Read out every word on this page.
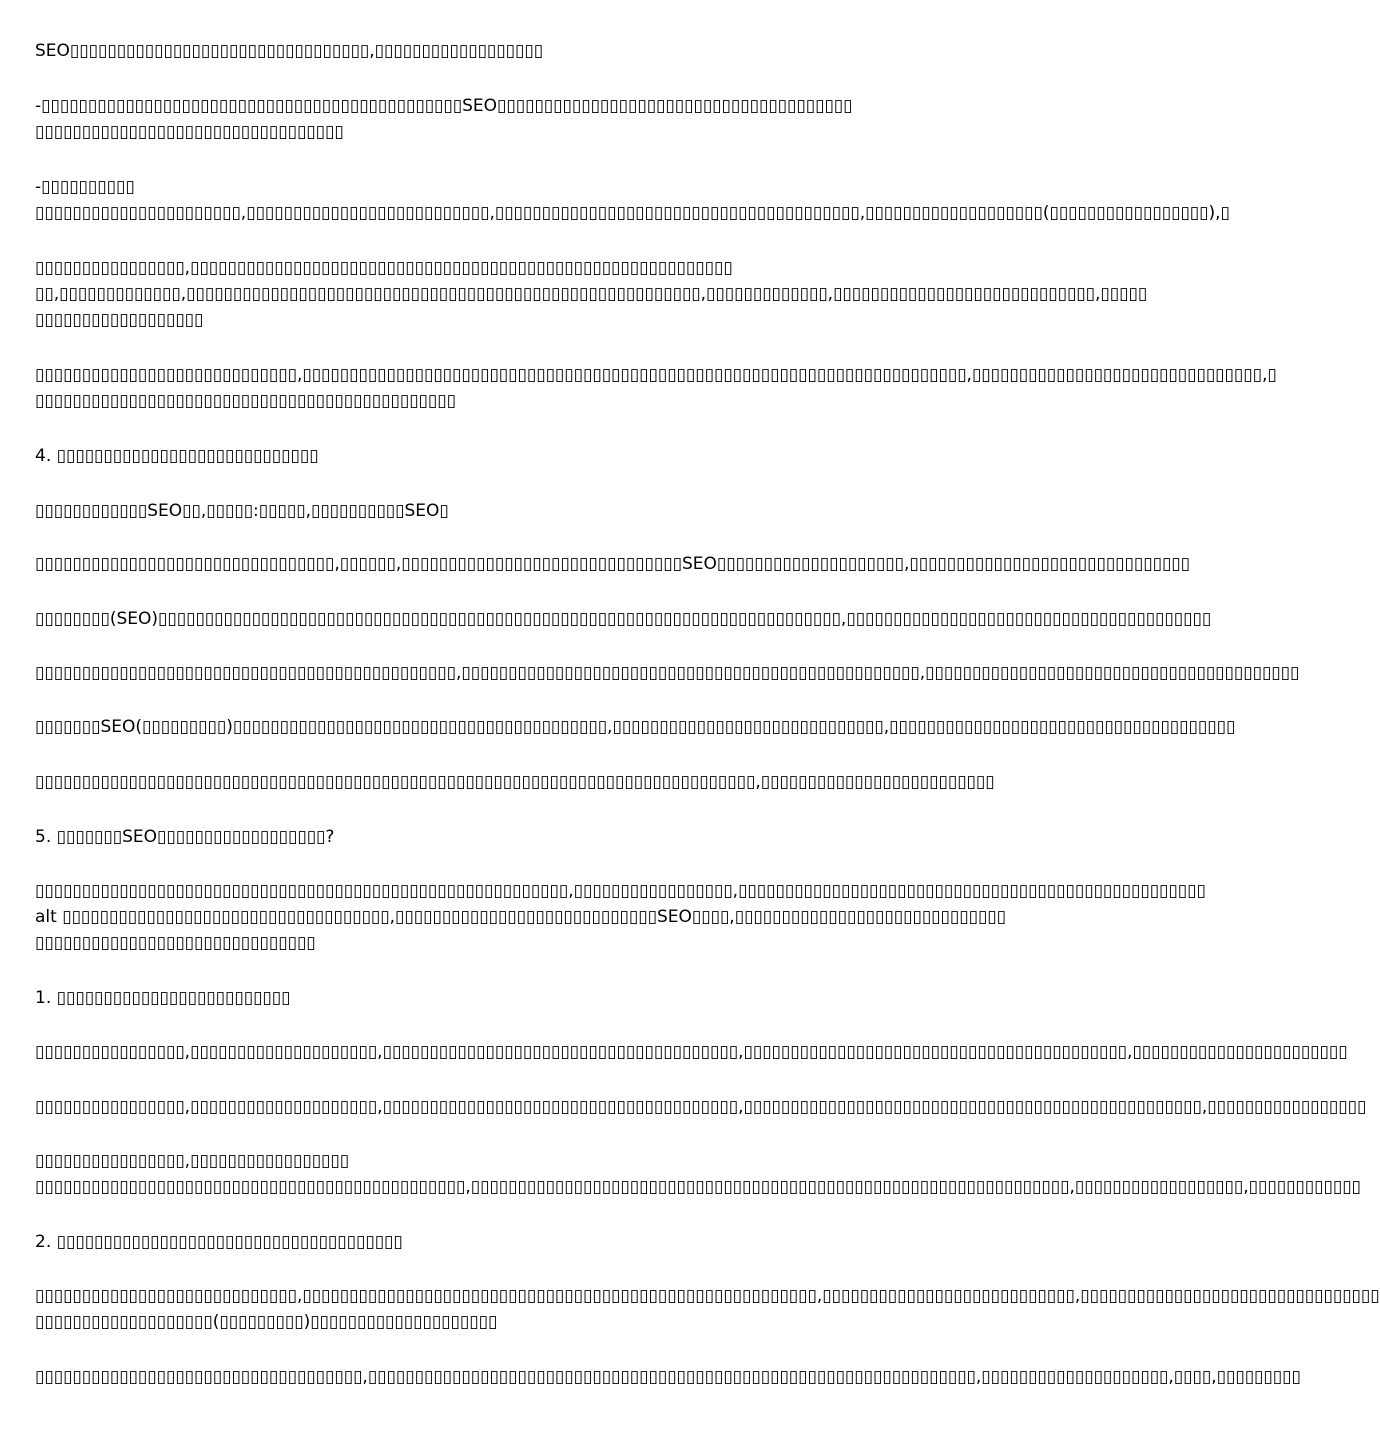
SEO▯▯▯▯▯▯▯▯▯▯▯▯▯▯▯▯▯▯▯▯▯▯▯▯▯▯▯▯▯▯▯▯,▯▯▯▯▯▯▯▯▯▯▯▯▯▯▯▯▯▯
-▯▯▯▯▯▯▯▯▯▯▯▯▯▯▯▯▯▯▯▯▯▯▯▯▯▯▯▯▯▯▯▯▯▯▯▯▯▯▯▯▯▯▯▯▯SEO▯▯▯▯▯▯▯▯▯▯▯▯▯▯▯▯▯▯▯▯▯▯▯▯▯▯▯▯▯▯▯▯▯▯▯▯▯▯
▯▯▯▯▯▯▯▯▯▯▯▯▯▯▯▯▯▯▯▯▯▯▯▯▯▯▯▯▯▯▯▯▯
-▯▯▯▯▯▯▯▯▯▯
▯▯▯▯▯▯▯▯▯▯▯▯▯▯▯▯▯▯▯▯▯▯,▯▯▯▯▯▯▯▯▯▯▯▯▯▯▯▯▯▯▯▯▯▯▯▯▯▯,▯▯▯▯▯▯▯▯▯▯▯▯▯▯▯▯▯▯▯▯▯▯▯▯▯▯▯▯▯▯▯▯▯▯▯▯▯▯▯,▯▯▯▯▯▯▯▯▯▯▯▯▯▯▯▯▯▯▯(▯▯▯▯▯▯▯▯▯▯▯▯▯▯▯▯▯),▯
▯▯▯▯▯▯▯▯▯▯▯▯▯▯▯▯,▯▯▯▯▯▯▯▯▯▯▯▯▯▯▯▯▯▯▯▯▯▯▯▯▯▯▯▯▯▯▯▯▯▯▯▯▯▯▯▯▯▯▯▯▯▯▯▯▯▯▯▯▯▯▯▯▯▯
▯▯,▯▯▯▯▯▯▯▯▯▯▯▯▯,▯▯▯▯▯▯▯▯▯▯▯▯▯▯▯▯▯▯▯▯▯▯▯▯▯▯▯▯▯▯▯▯▯▯▯▯▯▯▯▯▯▯▯▯▯▯▯▯▯▯▯▯▯▯▯,▯▯▯▯▯▯▯▯▯▯▯▯▯,▯▯▯▯▯▯▯▯▯▯▯▯▯▯▯▯▯▯▯▯▯▯▯▯▯▯▯▯,▯▯▯▯▯
▯▯▯▯▯▯▯▯▯▯▯▯▯▯▯▯▯▯
▯▯▯▯▯▯▯▯▯▯▯▯▯▯▯▯▯▯▯▯▯▯▯▯▯▯▯▯,▯▯▯▯▯▯▯▯▯▯▯▯▯▯▯▯▯▯▯▯▯▯▯▯▯▯▯▯▯▯▯▯▯▯▯▯▯▯▯▯▯▯▯▯▯▯▯▯▯▯▯▯▯▯▯▯▯▯▯▯▯▯▯▯▯▯▯▯▯▯▯,▯▯▯▯▯▯▯▯▯▯▯▯▯▯▯▯▯▯▯▯▯▯▯▯▯▯▯▯▯▯▯,▯
▯▯▯▯▯▯▯▯▯▯▯▯▯▯▯▯▯▯▯▯▯▯▯▯▯▯▯▯▯▯▯▯▯▯▯▯▯▯▯▯▯▯▯▯▯
4. ▯▯▯▯▯▯▯▯▯▯▯▯▯▯▯▯▯▯▯▯▯▯▯▯▯▯▯▯
▯▯▯▯▯▯▯▯▯▯▯▯SEO▯▯,▯▯▯▯▯:▯▯▯▯▯,▯▯▯▯▯▯▯▯▯▯SEO▯
▯▯▯▯▯▯▯▯▯▯▯▯▯▯▯▯▯▯▯▯▯▯▯▯▯▯▯▯▯▯▯▯,▯▯▯▯▯▯,▯▯▯▯▯▯▯▯▯▯▯▯▯▯▯▯▯▯▯▯▯▯▯▯▯▯▯▯▯▯SEO▯▯▯▯▯▯▯▯▯▯▯▯▯▯▯▯▯▯▯▯,▯▯▯▯▯▯▯▯▯▯▯▯▯▯▯▯▯▯▯▯▯▯▯▯▯▯▯▯▯▯
▯▯▯▯▯▯▯▯(SEO)▯▯▯▯▯▯▯▯▯▯▯▯▯▯▯▯▯▯▯▯▯▯▯▯▯▯▯▯▯▯▯▯▯▯▯▯▯▯▯▯▯▯▯▯▯▯▯▯▯▯▯▯▯▯▯▯▯▯▯▯▯▯▯▯▯▯▯▯▯▯▯▯▯,▯▯▯▯▯▯▯▯▯▯▯▯▯▯▯▯▯▯▯▯▯▯▯▯▯▯▯▯▯▯▯▯▯▯▯▯▯▯▯
▯▯▯▯▯▯▯▯▯▯▯▯▯▯▯▯▯▯▯▯▯▯▯▯▯▯▯▯▯▯▯▯▯▯▯▯▯▯▯▯▯▯▯▯▯,▯▯▯▯▯▯▯▯▯▯▯▯▯▯▯▯▯▯▯▯▯▯▯▯▯▯▯▯▯▯▯▯▯▯▯▯▯▯▯▯▯▯▯▯▯▯▯▯▯,▯▯▯▯▯▯▯▯▯▯▯▯▯▯▯▯▯▯▯▯▯▯▯▯▯▯▯▯▯▯▯▯▯▯▯▯▯▯▯▯
▯▯▯▯▯▯▯SEO(▯▯▯▯▯▯▯▯▯)▯▯▯▯▯▯▯▯▯▯▯▯▯▯▯▯▯▯▯▯▯▯▯▯▯▯▯▯▯▯▯▯▯▯▯▯▯▯▯▯,▯▯▯▯▯▯▯▯▯▯▯▯▯▯▯▯▯▯▯▯▯▯▯▯▯▯▯▯▯,▯▯▯▯▯▯▯▯▯▯▯▯▯▯▯▯▯▯▯▯▯▯▯▯▯▯▯▯▯▯▯▯▯▯▯▯▯
▯▯▯▯▯▯▯▯▯▯▯▯▯▯▯▯▯▯▯▯▯▯▯▯▯▯▯▯▯▯▯▯▯▯▯▯▯▯▯▯▯▯▯▯▯▯▯▯▯▯▯▯▯▯▯▯▯▯▯▯▯▯▯▯▯▯▯▯▯▯▯▯▯▯▯▯▯,▯▯▯▯▯▯▯▯▯▯▯▯▯▯▯▯▯▯▯▯▯▯▯▯▯
5. ▯▯▯▯▯▯▯SEO▯▯▯▯▯▯▯▯▯▯▯▯▯▯▯▯▯▯?
▯▯▯▯▯▯▯▯▯▯▯▯▯▯▯▯▯▯▯▯▯▯▯▯▯▯▯▯▯▯▯▯▯▯▯▯▯▯▯▯▯▯▯▯▯▯▯▯▯▯▯▯▯▯▯▯▯,▯▯▯▯▯▯▯▯▯▯▯▯▯▯▯▯▯,▯▯▯▯▯▯▯▯▯▯▯▯▯▯▯▯▯▯▯▯▯▯▯▯▯▯▯▯▯▯▯▯▯▯▯▯▯▯▯▯▯▯▯▯▯▯▯▯▯▯
alt ▯▯▯▯▯▯▯▯▯▯▯▯▯▯▯▯▯▯▯▯▯▯▯▯▯▯▯▯▯▯▯▯▯▯▯,▯▯▯▯▯▯▯▯▯▯▯▯▯▯▯▯▯▯▯▯▯▯▯▯▯▯▯▯SEO▯▯▯▯,▯▯▯▯▯▯▯▯▯▯▯▯▯▯▯▯▯▯▯▯▯▯▯▯▯▯▯▯▯
▯▯▯▯▯▯▯▯▯▯▯▯▯▯▯▯▯▯▯▯▯▯▯▯▯▯▯▯▯▯
1. ▯▯▯▯▯▯▯▯▯▯▯▯▯▯▯▯▯▯▯▯▯▯▯▯▯
▯▯▯▯▯▯▯▯▯▯▯▯▯▯▯▯,▯▯▯▯▯▯▯▯▯▯▯▯▯▯▯▯▯▯▯▯,▯▯▯▯▯▯▯▯▯▯▯▯▯▯▯▯▯▯▯▯▯▯▯▯▯▯▯▯▯▯▯▯▯▯▯▯▯▯,▯▯▯▯▯▯▯▯▯▯▯▯▯▯▯▯▯▯▯▯▯▯▯▯▯▯▯▯▯▯▯▯▯▯▯▯▯▯▯▯▯,▯▯▯▯▯▯▯▯▯▯▯▯▯▯▯▯▯▯▯▯▯▯▯
▯▯▯▯▯▯▯▯▯▯▯▯▯▯▯▯,▯▯▯▯▯▯▯▯▯▯▯▯▯▯▯▯▯▯▯▯,▯▯▯▯▯▯▯▯▯▯▯▯▯▯▯▯▯▯▯▯▯▯▯▯▯▯▯▯▯▯▯▯▯▯▯▯▯▯,▯▯▯▯▯▯▯▯▯▯▯▯▯▯▯▯▯▯▯▯▯▯▯▯▯▯▯▯▯▯▯▯▯▯▯▯▯▯▯▯▯▯▯▯▯▯▯▯▯,▯▯▯▯▯▯▯▯▯▯▯▯▯▯▯▯▯
▯▯▯▯▯▯▯▯▯▯▯▯▯▯▯▯,▯▯▯▯▯▯▯▯▯▯▯▯▯▯▯▯▯
▯▯▯▯▯▯▯▯▯▯▯▯▯▯▯▯▯▯▯▯▯▯▯▯▯▯▯▯▯▯▯▯▯▯▯▯▯▯▯▯▯▯▯▯▯▯,▯▯▯▯▯▯▯▯▯▯▯▯▯▯▯▯▯▯▯▯▯▯▯▯▯▯▯▯▯▯▯▯▯▯▯▯▯▯▯▯▯▯▯▯▯▯▯▯▯▯▯▯▯▯▯▯▯▯▯▯▯▯▯▯,▯▯▯▯▯▯▯▯▯▯▯▯▯▯▯▯▯▯,▯▯▯▯▯▯▯▯▯▯▯▯
2. ▯▯▯▯▯▯▯▯▯▯▯▯▯▯▯▯▯▯▯▯▯▯▯▯▯▯▯▯▯▯▯▯▯▯▯▯▯
▯▯▯▯▯▯▯▯▯▯▯▯▯▯▯▯▯▯▯▯▯▯▯▯▯▯▯▯,▯▯▯▯▯▯▯▯▯▯▯▯▯▯▯▯▯▯▯▯▯▯▯▯▯▯▯▯▯▯▯▯▯▯▯▯▯▯▯▯▯▯▯▯▯▯▯▯▯▯▯▯▯▯▯,▯▯▯▯▯▯▯▯▯▯▯▯▯▯▯▯▯▯▯▯▯▯▯▯▯▯▯,▯▯▯▯▯▯▯▯▯▯▯▯▯▯▯▯▯▯▯▯▯▯▯▯▯▯▯▯▯▯▯▯
▯▯▯▯▯▯▯▯▯▯▯▯▯▯▯▯▯▯▯(▯▯▯▯▯▯▯▯▯)▯▯▯▯▯▯▯▯▯▯▯▯▯▯▯▯▯▯▯▯
▯▯▯▯▯▯▯▯▯▯▯▯▯▯▯▯▯▯▯▯▯▯▯▯▯▯▯▯▯▯▯▯▯▯▯,▯▯▯▯▯▯▯▯▯▯▯▯▯▯▯▯▯▯▯▯▯▯▯▯▯▯▯▯▯▯▯▯▯▯▯▯▯▯▯▯▯▯▯▯▯▯▯▯▯▯▯▯▯▯▯▯▯▯▯▯▯▯▯▯▯,▯▯▯▯▯▯▯▯▯▯▯▯▯▯▯▯▯▯▯▯,▯▯▯▯,▯▯▯▯▯▯▯▯▯
